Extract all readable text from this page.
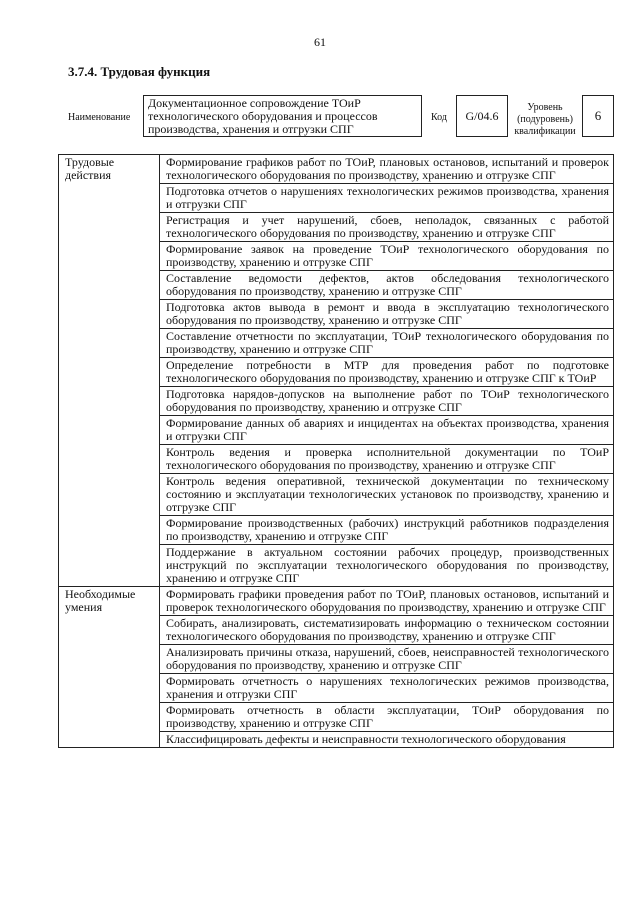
61
3.7.4. Трудовая функция
Наименование
Документационное сопровождение ТОиР
технологического оборудования и процессов
производства, хранения и отгрузки СПГ
Код	G/04.6
Уровень
(подуровень)
квалификации
6
Трудовые
действия	Формирование графиков работ по ТОиР, плановых остановов, испытаний и проверок технологического оборудования по производству, хранению и отгрузке СПГ
	Подготовка отчетов о нарушениях технологических режимов производства, хранения и отгрузки СПГ
	Регистрация и учет нарушений, сбоев, неполадок, связанных с работой технологического оборудования по производству, хранению и отгрузке СПГ
	Формирование заявок на проведение ТОиР технологического оборудования по производству, хранению и отгрузке СПГ
	Составление ведомости дефектов, актов обследования технологического оборудования по производству, хранению и отгрузке СПГ
	Подготовка актов вывода в ремонт и ввода в эксплуатацию технологического оборудования по производству, хранению и отгрузке СПГ
	Составление отчетности по эксплуатации, ТОиР технологического оборудования по производству, хранению и отгрузке СПГ
	Определение потребности в МТР для проведения работ по подготовке технологического оборудования по производству, хранению и отгрузке СПГ к ТОиР
	Подготовка нарядов-допусков на выполнение работ по ТОиР технологического оборудования по производству, хранению и отгрузке СПГ
	Формирование данных об авариях и инцидентах на объектах производства, хранения и отгрузки СПГ
	Контроль ведения и проверка исполнительной документации по ТОиР технологического оборудования по производству, хранению и отгрузке СПГ
	Контроль ведения оперативной, технической документации по техническому состоянию и эксплуатации технологических установок по производству, хранению и отгрузке СПГ
	Формирование производственных (рабочих) инструкций работников подразделения по производству, хранению и отгрузке СПГ
	Поддержание в актуальном состоянии рабочих процедур, производственных инструкций по эксплуатации технологического оборудования по производству, хранению и отгрузке СПГ

Необходимые
умения	Формировать графики проведения работ по ТОиР, плановых остановов, испытаний и проверок технологического оборудования по производству, хранению и отгрузке СПГ
	Собирать, анализировать, систематизировать информацию о техническом состоянии технологического оборудования по производству, хранению и отгрузке СПГ
	Анализировать причины отказа, нарушений, сбоев, неисправностей технологического оборудования по производству, хранению и отгрузке СПГ
	Формировать отчетность о нарушениях технологических режимов производства, хранения и отгрузки СПГ
	Формировать отчетность в области эксплуатации, ТОиР оборудования по производству, хранению и отгрузке СПГ
	Классифицировать дефекты и неисправности технологического оборудования
